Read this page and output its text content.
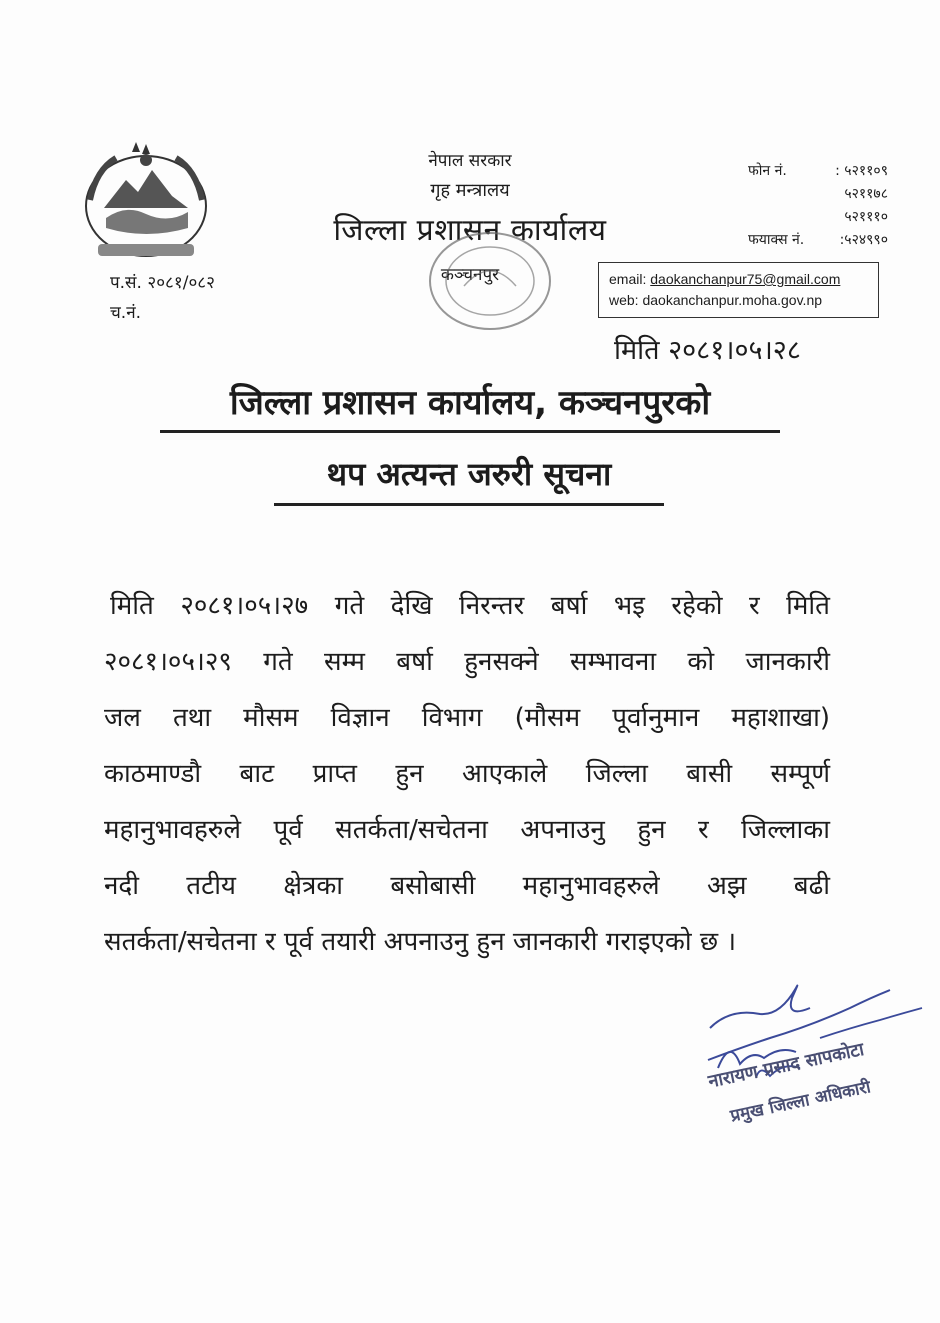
प.सं. २०८१/०८२
च.नं.
नेपाल सरकार
गृह मन्त्रालय
जिल्ला प्रशासन कार्यालय
कञ्चनपुर
फोन नं.	: ५२११०९
५२११७८
५२१११०
फयाक्स नं.	:५२४९९०
email: daokanchanpur75@gmail.com
web: daokanchanpur.moha.gov.np
मिति २०८१।०५।२८
जिल्ला प्रशासन कार्यालय, कञ्चनपुरको
थप अत्यन्त जरुरी सूचना
मिति २०८१।०५।२७ गते देखि निरन्तर बर्षा भइ रहेको र मिति
२०८१।०५।२९ गते सम्म बर्षा हुनसक्ने सम्भावना को जानकारी
जल तथा मौसम विज्ञान विभाग (मौसम पूर्वानुमान महाशाखा)
काठमाण्डौ बाट प्राप्त हुन आएकाले जिल्ला बासी सम्पूर्ण
महानुभावहरुले पूर्व सतर्कता/सचेतना अपनाउनु हुन र जिल्लाका
नदी तटीय क्षेत्रका बसोबासी महानुभावहरुले अझ बढी
सतर्कता/सचेतना र पूर्व तयारी अपनाउनु हुन जानकारी गराइएको छ ।
नारायण प्रसाद सापकोटा
प्रमुख जिल्ला अधिकारी
